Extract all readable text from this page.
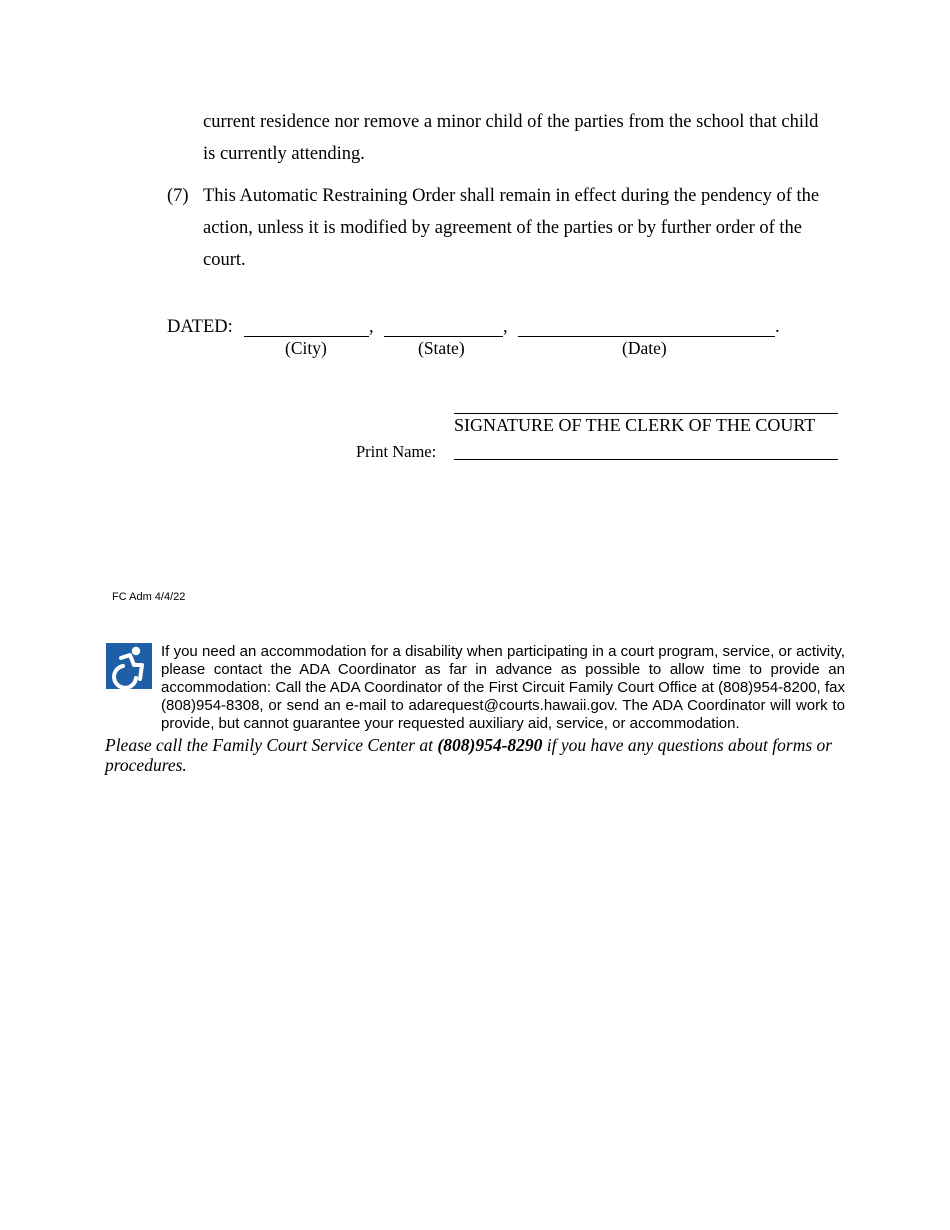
current residence nor remove a minor child of the parties from the school that child
is currently attending.
(7) This Automatic Restraining Order shall remain in effect during the pendency of the
action, unless it is modified by agreement of the parties or by further order of the
court.
DATED:	,	,	.
(City)	(State)	(Date)
SIGNATURE OF THE CLERK OF THE COURT
Print Name:
FC Adm 4/4/22
If you need an accommodation for a disability when participating in a court program, service, or activity, please contact the ADA Coordinator as far in advance as possible to allow time to provide an accommodation: Call the ADA Coordinator of the First Circuit Family Court Office at (808)954-8200, fax (808)954-8308, or send an e-mail to adarequest@courts.hawaii.gov. The ADA Coordinator will work to provide, but cannot guarantee your requested auxiliary aid, service, or accommodation.
Please call the Family Court Service Center at (808)954-8290 if you have any questions about forms or procedures.
